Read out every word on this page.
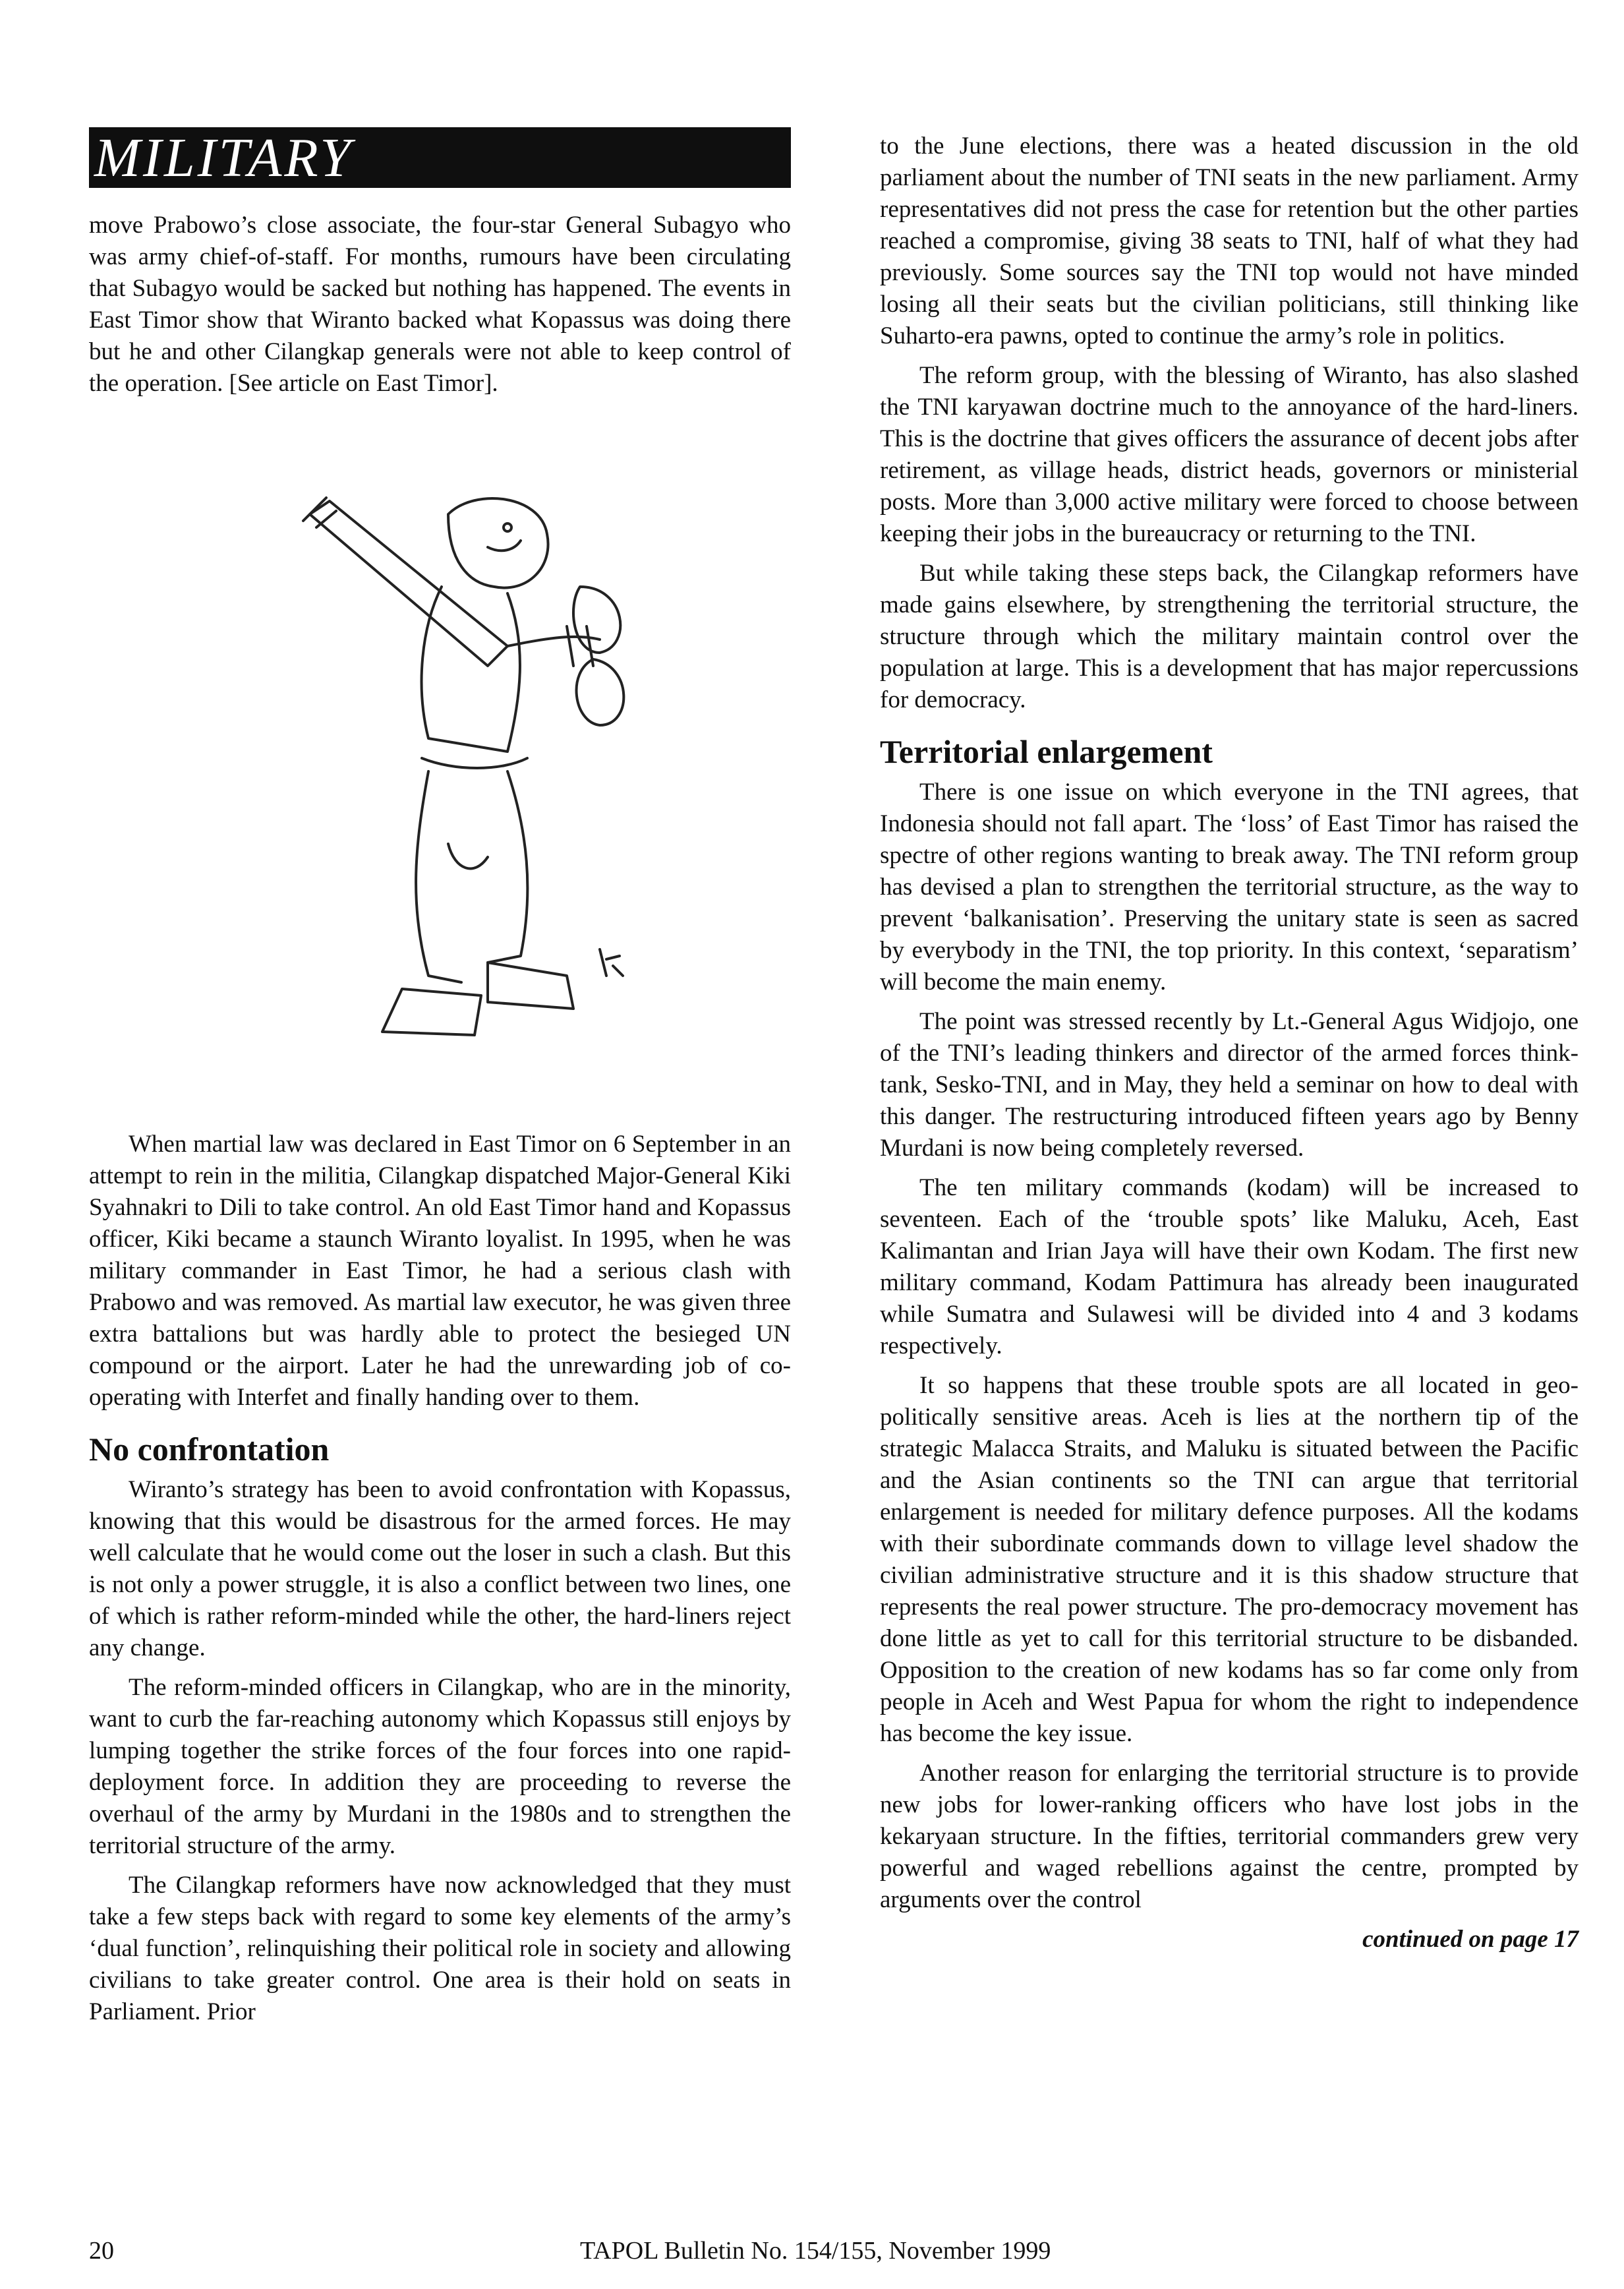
MILITARY

move Prabowo’s close associate, the four-star General Subagyo who was army chief-of-staff. For months, rumours have been circulating that Subagyo would be sacked but nothing has happened. The events in East Timor show that Wiranto backed what Kopassus was doing there but he and other Cilangkap generals were not able to keep control of the operation. [See article on East Timor].

When martial law was declared in East Timor on 6 September in an attempt to rein in the militia, Cilangkap dispatched Major-General Kiki Syahnakri to Dili to take control. An old East Timor hand and Kopassus officer, Kiki became a staunch Wiranto loyalist. In 1995, when he was military commander in East Timor, he had a serious clash with Prabowo and was removed. As martial law executor, he was given three extra battalions but was hardly able to protect the besieged UN compound or the airport. Later he had the unrewarding job of co-operating with Interfet and finally handing over to them.

No confrontation

Wiranto’s strategy has been to avoid confrontation with Kopassus, knowing that this would be disastrous for the armed forces. He may well calculate that he would come out the loser in such a clash. But this is not only a power struggle, it is also a conflict between two lines, one of which is rather reform-minded while the other, the hard-liners reject any change.

The reform-minded officers in Cilangkap, who are in the minority, want to curb the far-reaching autonomy which Kopassus still enjoys by lumping together the strike forces of the four forces into one rapid-deployment force. In addition they are proceeding to reverse the overhaul of the army by Murdani in the 1980s and to strengthen the territorial structure of the army.

The Cilangkap reformers have now acknowledged that they must take a few steps back with regard to some key elements of the army’s ‘dual function’, relinquishing their political role in society and allowing civilians to take greater control. One area is their hold on seats in Parliament. Prior

to the June elections, there was a heated discussion in the old parliament about the number of TNI seats in the new parliament. Army representatives did not press the case for retention but the other parties reached a compromise, giving 38 seats to TNI, half of what they had previously. Some sources say the TNI top would not have minded losing all their seats but the civilian politicians, still thinking like Suharto-era pawns, opted to continue the army’s role in politics.

The reform group, with the blessing of Wiranto, has also slashed the TNI karyawan doctrine much to the annoyance of the hard-liners. This is the doctrine that gives officers the assurance of decent jobs after retirement, as village heads, district heads, governors or ministerial posts. More than 3,000 active military were forced to choose between keeping their jobs in the bureaucracy or returning to the TNI.

But while taking these steps back, the Cilangkap reformers have made gains elsewhere, by strengthening the territorial structure, the structure through which the military maintain control over the population at large. This is a development that has major repercussions for democracy.

Territorial enlargement

There is one issue on which everyone in the TNI agrees, that Indonesia should not fall apart. The ‘loss’ of East Timor has raised the spectre of other regions wanting to break away. The TNI reform group has devised a plan to strengthen the territorial structure, as the way to prevent ‘balkanisation’. Preserving the unitary state is seen as sacred by everybody in the TNI, the top priority. In this context, ‘separatism’ will become the main enemy.

The point was stressed recently by Lt.-General Agus Widjojo, one of the TNI’s leading thinkers and director of the armed forces think-tank, Sesko-TNI, and in May, they held a seminar on how to deal with this danger. The restructuring introduced fifteen years ago by Benny Murdani is now being completely reversed.

The ten military commands (kodam) will be increased to seventeen. Each of the ‘trouble spots’ like Maluku, Aceh, East Kalimantan and Irian Jaya will have their own Kodam. The first new military command, Kodam Pattimura has already been inaugurated while Sumatra and Sulawesi will be divided into 4 and 3 kodams respectively.

It so happens that these trouble spots are all located in geo-politically sensitive areas. Aceh is lies at the northern tip of the strategic Malacca Straits, and Maluku is situated between the Pacific and the Asian continents so the TNI can argue that territorial enlargement is needed for military defence purposes. All the kodams with their subordinate commands down to village level shadow the civilian administrative structure and it is this shadow structure that represents the real power structure. The pro-democracy movement has done little as yet to call for this territorial structure to be disbanded. Opposition to the creation of new kodams has so far come only from people in Aceh and West Papua for whom the right to independence has become the key issue.

Another reason for enlarging the territorial structure is to provide new jobs for lower-ranking officers who have lost jobs in the kekaryaan structure. In the fifties, territorial commanders grew very powerful and waged rebellions against the centre, prompted by arguments over the control

continued on page 17
20	TAPOL Bulletin No. 154/155, November 1999
